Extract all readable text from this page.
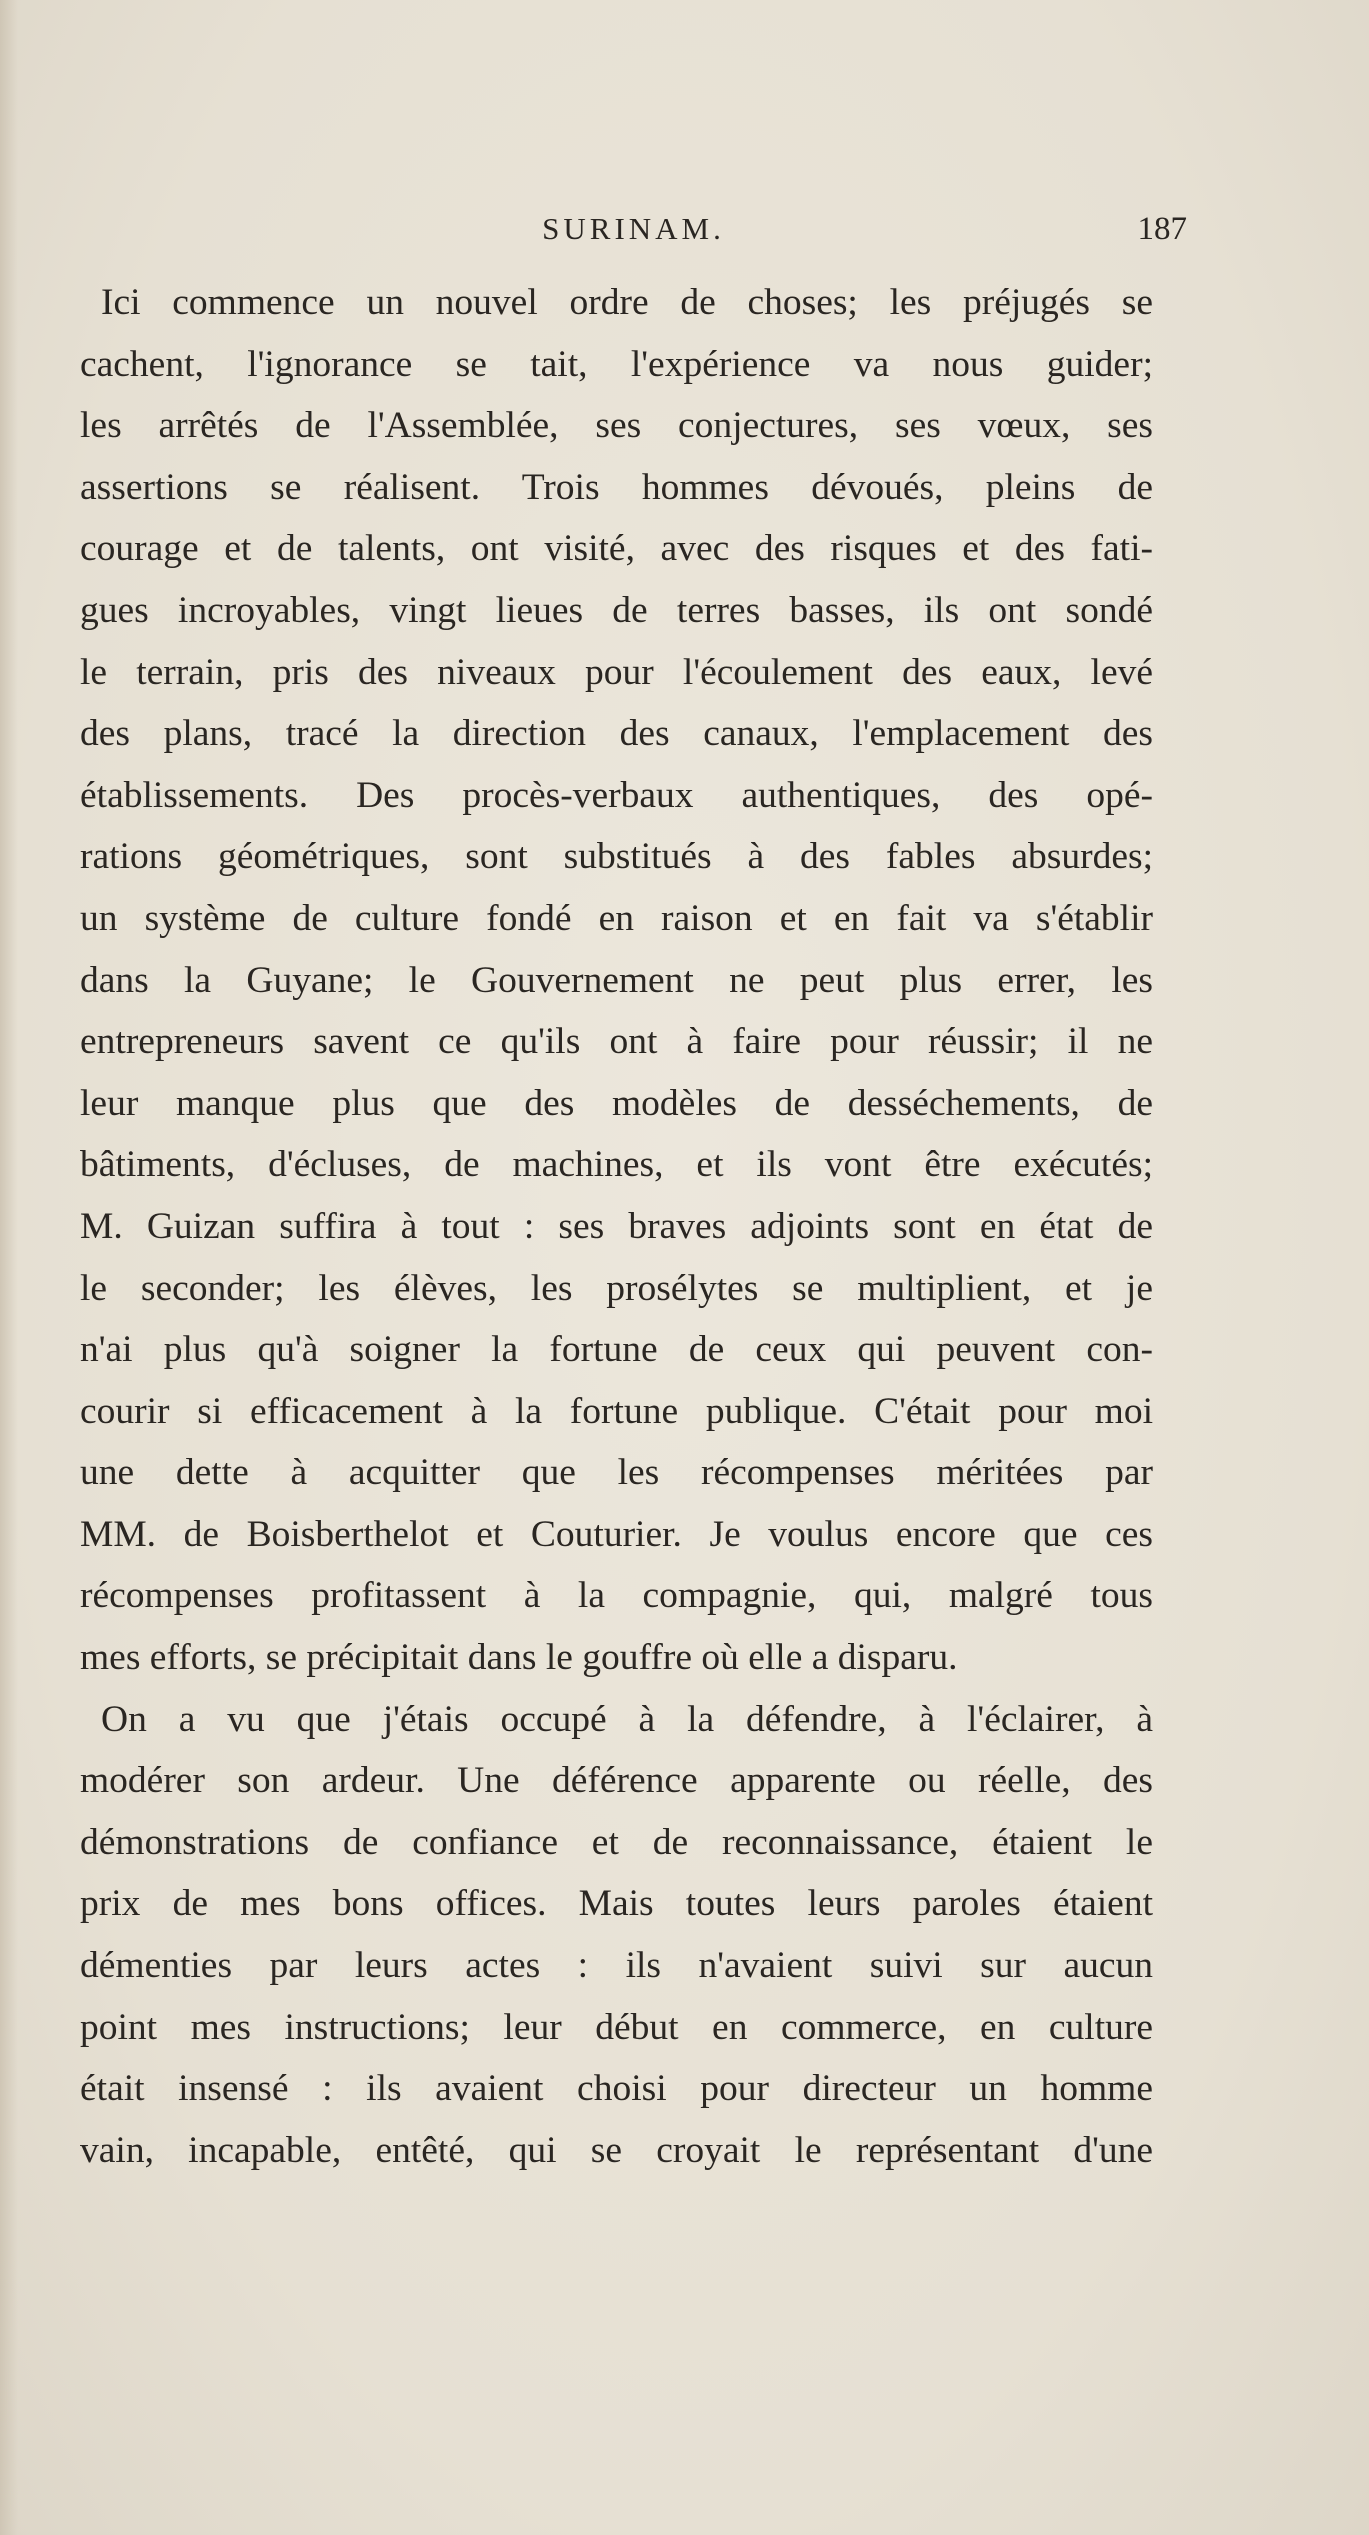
SURINAM.	187
Ici commence un nouvel ordre de choses; les préjugés se
cachent, l'ignorance se tait, l'expérience va nous guider;
les arrêtés de l'Assemblée, ses conjectures, ses vœux, ses
assertions se réalisent. Trois hommes dévoués, pleins de
courage et de talents, ont visité, avec des risques et des fati-
gues incroyables, vingt lieues de terres basses, ils ont sondé
le terrain, pris des niveaux pour l'écoulement des eaux, levé
des plans, tracé la direction des canaux, l'emplacement des
établissements. Des procès-verbaux authentiques, des opé-
rations géométriques, sont substitués à des fables absurdes;
un système de culture fondé en raison et en fait va s'établir
dans la Guyane; le Gouvernement ne peut plus errer, les
entrepreneurs savent ce qu'ils ont à faire pour réussir; il ne
leur manque plus que des modèles de desséchements, de
bâtiments, d'écluses, de machines, et ils vont être exécutés;
M. Guizan suffira à tout : ses braves adjoints sont en état de
le seconder; les élèves, les prosélytes se multiplient, et je
n'ai plus qu'à soigner la fortune de ceux qui peuvent con-
courir si efficacement à la fortune publique. C'était pour moi
une dette à acquitter que les récompenses méritées par
MM. de Boisberthelot et Couturier. Je voulus encore que ces
récompenses profitassent à la compagnie, qui, malgré tous
mes efforts, se précipitait dans le gouffre où elle a disparu.
On a vu que j'étais occupé à la défendre, à l'éclairer, à
modérer son ardeur. Une déférence apparente ou réelle, des
démonstrations de confiance et de reconnaissance, étaient le
prix de mes bons offices. Mais toutes leurs paroles étaient
démenties par leurs actes : ils n'avaient suivi sur aucun
point mes instructions; leur début en commerce, en culture
était insensé : ils avaient choisi pour directeur un homme
vain, incapable, entêté, qui se croyait le représentant d'une
